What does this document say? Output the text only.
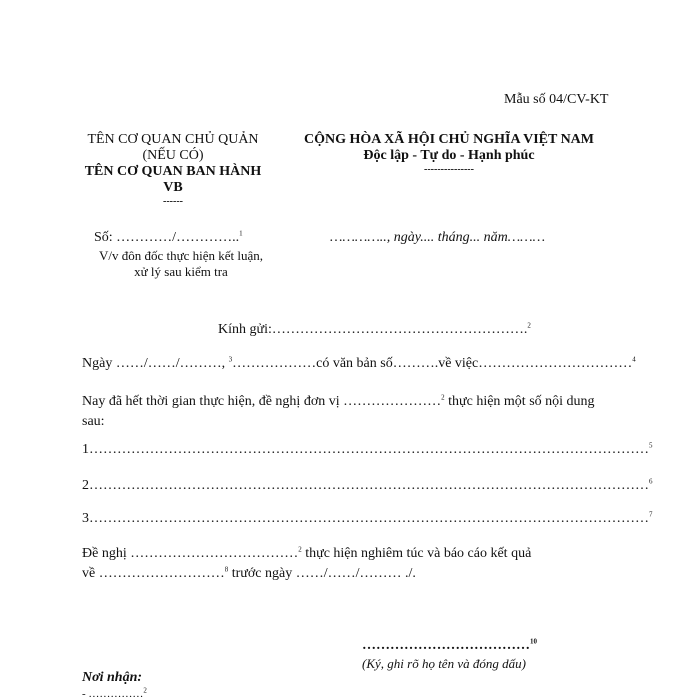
Mẫu số 04/CV-KT
TÊN CƠ QUAN CHỦ QUẢN
(NẾU CÓ)
TÊN CƠ QUAN BAN HÀNH
VB
------
CỘNG HÒA XÃ HỘI CHỦ NGHĨA VIỆT NAM
Độc lập - Tự do - Hạnh phúc
---------------
Số: …………/…………..$^1$	………….., ngày.... tháng... năm………
V/v đôn đốc thực hiện kết luận,
xử lý sau kiểm tra
Kính gửi:……………………………………………….$^2$
Ngày ……/……/………, $^3$………………có văn bản số……….về việc……………………………$^4$
Nay đã hết thời gian thực hiện, đề nghị đơn vị …………………$^2$ thực hiện một số nội dung
sau:
1…………………………………………………………………………………………………………$^5$
2…………………………………………………………………………………………………………$^6$
3…………………………………………………………………………………………………………$^7$
Đề nghị ………………………………$^2$ thực hiện nghiêm túc và báo cáo kết quả
về ………………………$^8$ trước ngày ……/……/……… ./.
………………………………$^{10}$
(Ký, ghi rõ họ tên và đóng dấu)
Nơi nhận:
- ……………$^2$
